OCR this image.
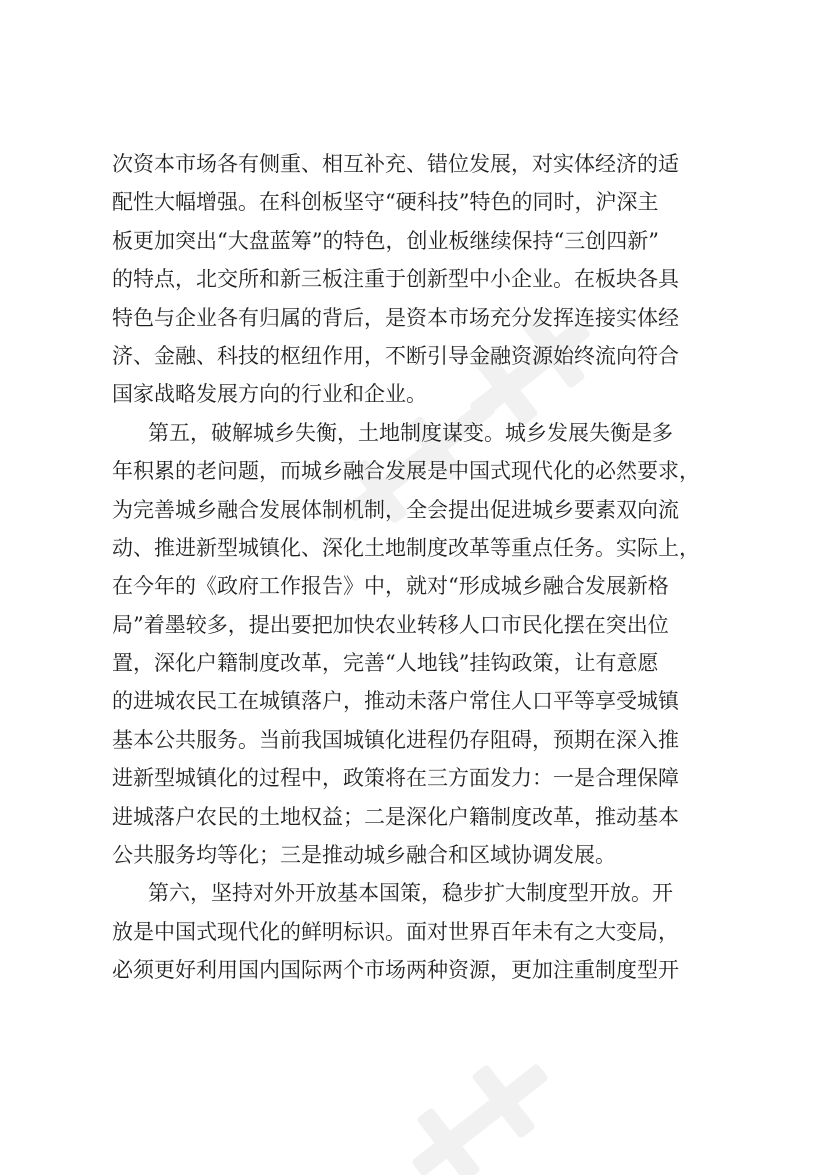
次资本市场各有侧重、相互补充、错位发展，对实体经济的适
配性大幅增强。在科创板坚守“硬科技”特色的同时，沪深主
板更加突出“大盘蓝筹”的特色，创业板继续保持“三创四新”
的特点，北交所和新三板注重于创新型中小企业。在板块各具
特色与企业各有归属的背后，是资本市场充分发挥连接实体经
济、金融、科技的枢纽作用，不断引导金融资源始终流向符合
国家战略发展方向的行业和企业。
第五，破解城乡失衡，土地制度谋变。城乡发展失衡是多
年积累的老问题，而城乡融合发展是中国式现代化的必然要求，
为完善城乡融合发展体制机制，全会提出促进城乡要素双向流
动、推进新型城镇化、深化土地制度改革等重点任务。实际上，
在今年的《政府工作报告》中，就对“形成城乡融合发展新格
局”着墨较多，提出要把加快农业转移人口市民化摆在突出位
置，深化户籍制度改革，完善“人地钱”挂钩政策，让有意愿
的进城农民工在城镇落户，推动未落户常住人口平等享受城镇
基本公共服务。当前我国城镇化进程仍存阻碍，预期在深入推
进新型城镇化的过程中，政策将在三方面发力：一是合理保障
进城落户农民的土地权益；二是深化户籍制度改革，推动基本
公共服务均等化；三是推动城乡融合和区域协调发展。
第六，坚持对外开放基本国策，稳步扩大制度型开放。开
放是中国式现代化的鲜明标识。面对世界百年未有之大变局，
必须更好利用国内国际两个市场两种资源，更加注重制度型开
